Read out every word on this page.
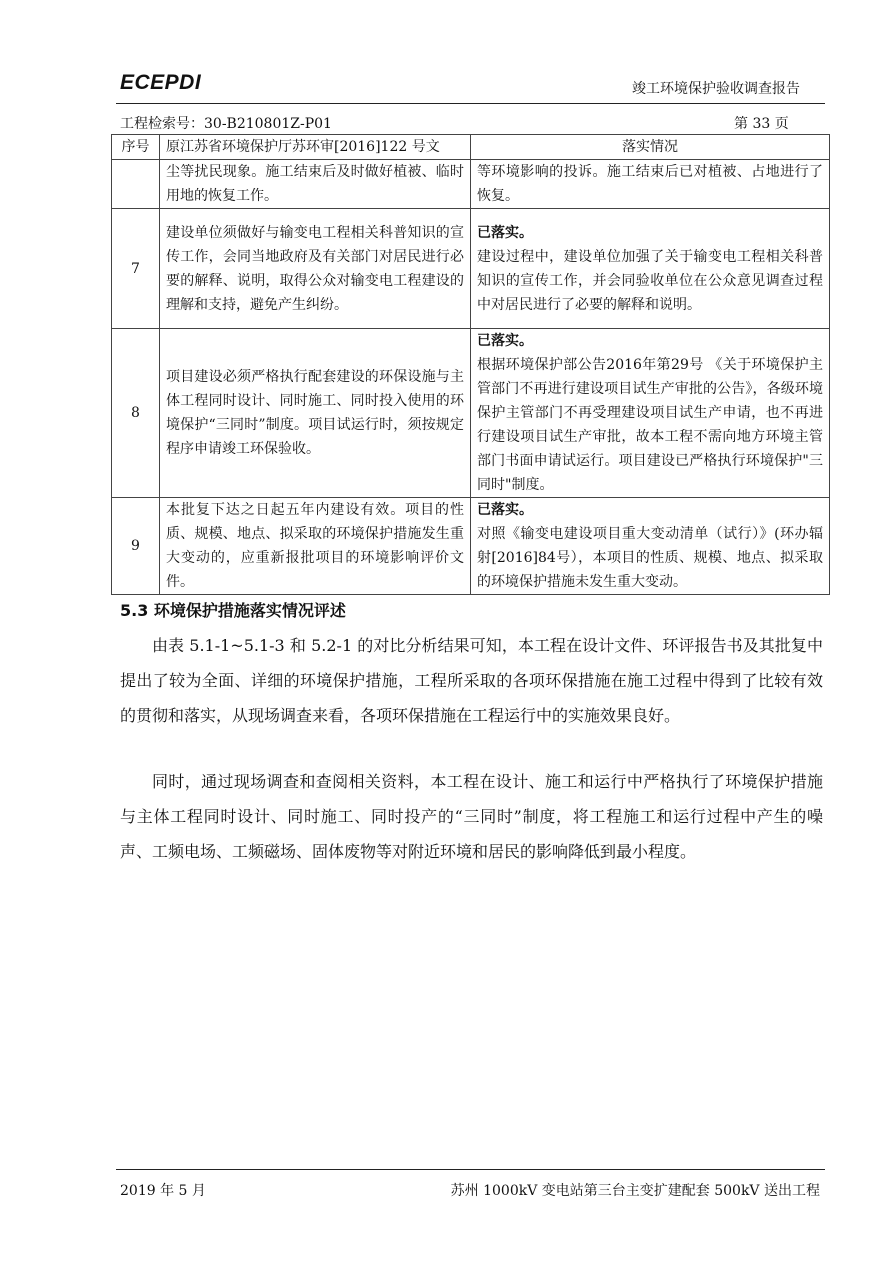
ECEPDI	竣工环境保护验收调查报告
工程检索号：30-B210801Z-P01	第 33 页
序号	原江苏省环境保护厅苏环审[2016]122 号文	落实情况
	尘等扰民现象。施工结束后及时做好植被、临时用地的恢复工作。	等环境影响的投诉。施工结束后已对植被、占地进行了恢复。
7	建设单位须做好与输变电工程相关科普知识的宣传工作，会同当地政府及有关部门对居民进行必要的解释、说明，取得公众对输变电工程建设的理解和支持，避免产生纠纷。	已落实。
建设过程中，建设单位加强了关于输变电工程相关科普知识的宣传工作，并会同验收单位在公众意见调查过程中对居民进行了必要的解释和说明。
8	项目建设必须严格执行配套建设的环保设施与主体工程同时设计、同时施工、同时投入使用的环境保护“三同时”制度。项目试运行时，须按规定程序申请竣工环保验收。	已落实。
根据环境保护部公告2016年第29号 《关于环境保护主管部门不再进行建设项目试生产审批的公告》，各级环境保护主管部门不再受理建设项目试生产申请，也不再进行建设项目试生产审批，故本工程不需向地方环境主管部门书面申请试运行。项目建设已严格执行环境保护"三同时"制度。
9	本批复下达之日起五年内建设有效。项目的性质、规模、地点、拟采取的环境保护措施发生重大变动的，应重新报批项目的环境影响评价文件。	已落实。
对照《输变电建设项目重大变动清单（试行）》(环办辐射[2016]84号），本项目的性质、规模、地点、拟采取的环境保护措施未发生重大变动。
5.3 环境保护措施落实情况评述

由表 5.1-1~5.1-3 和 5.2-1 的对比分析结果可知，本工程在设计文件、环评报告书及其批复中提出了较为全面、详细的环境保护措施，工程所采取的各项环保措施在施工过程中得到了比较有效的贯彻和落实，从现场调查来看，各项环保措施在工程运行中的实施效果良好。

同时，通过现场调查和查阅相关资料，本工程在设计、施工和运行中严格执行了环境保护措施与主体工程同时设计、同时施工、同时投产的“三同时”制度，将工程施工和运行过程中产生的噪声、工频电场、工频磁场、固体废物等对附近环境和居民的影响降低到最小程度。

2019 年 5 月	苏州 1000kV 变电站第三台主变扩建配套 500kV 送出工程
